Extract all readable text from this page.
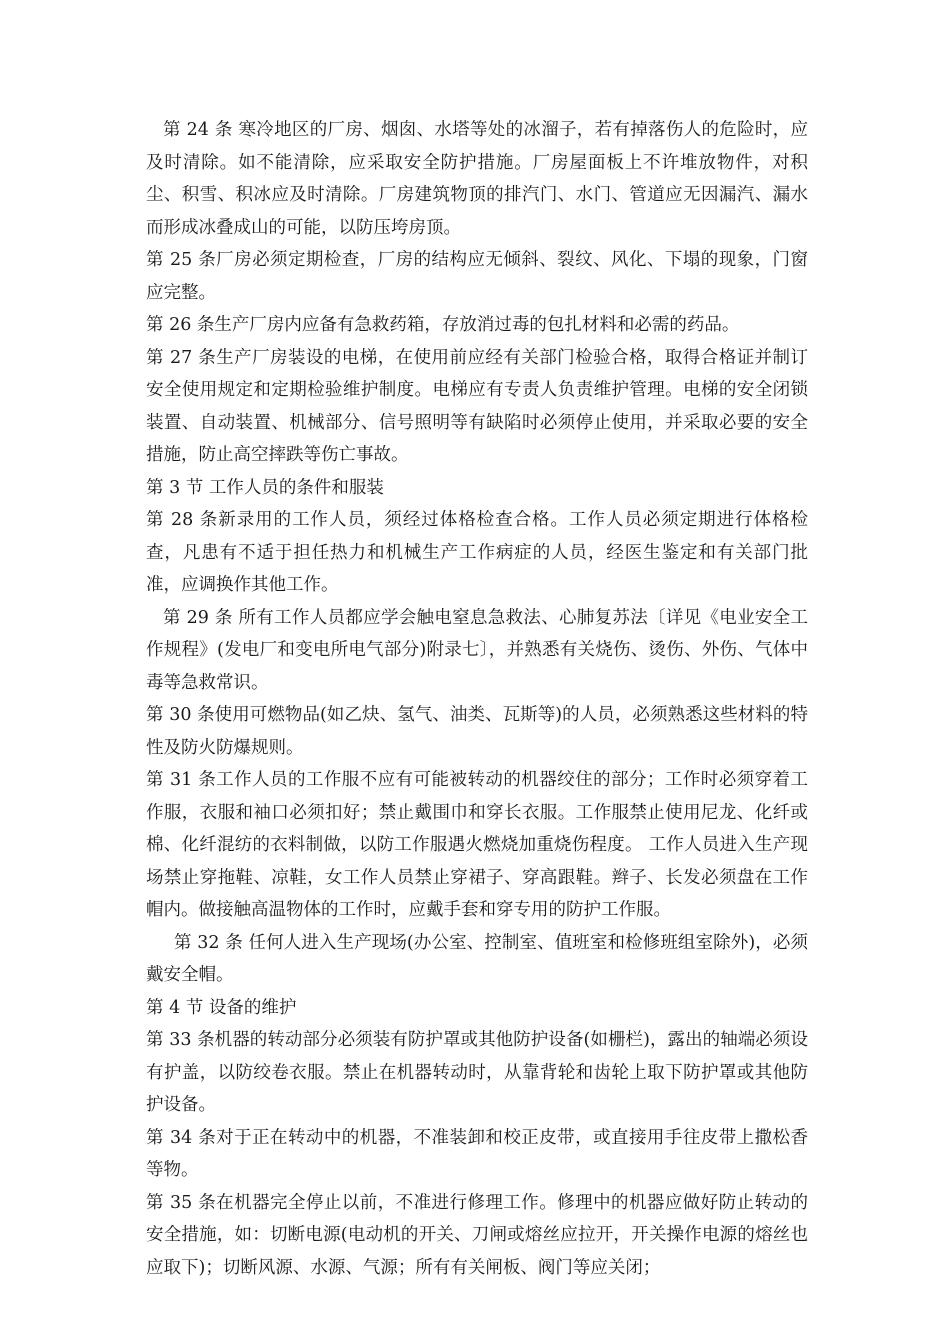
第 24 条 寒冷地区的厂房、烟囱、水塔等处的冰溜子，若有掉落伤人的危险时，应及时清除。如不能清除，应采取安全防护措施。厂房屋面板上不许堆放物件，对积尘、积雪、积冰应及时清除。厂房建筑物顶的排汽门、水门、管道应无因漏汽、漏水而形成冰叠成山的可能，以防压垮房顶。

第 25 条厂房必须定期检查，厂房的结构应无倾斜、裂纹、风化、下塌的现象，门窗应完整。

第 26 条生产厂房内应备有急救药箱，存放消过毒的包扎材料和必需的药品。

第 27 条生产厂房装设的电梯，在使用前应经有关部门检验合格，取得合格证并制订安全使用规定和定期检验维护制度。电梯应有专责人负责维护管理。电梯的安全闭锁装置、自动装置、机械部分、信号照明等有缺陷时必须停止使用，并采取必要的安全措施，防止高空摔跌等伤亡事故。

第 3 节 工作人员的条件和服装

第 28 条新录用的工作人员，须经过体格检查合格。工作人员必须定期进行体格检查，凡患有不适于担任热力和机械生产工作病症的人员，经医生鉴定和有关部门批准，应调换作其他工作。

第 29 条 所有工作人员都应学会触电窒息急救法、心肺复苏法〔详见《电业安全工作规程》(发电厂和变电所电气部分)附录七〕，并熟悉有关烧伤、烫伤、外伤、气体中毒等急救常识。

第 30 条使用可燃物品(如乙炔、氢气、油类、瓦斯等)的人员，必须熟悉这些材料的特性及防火防爆规则。

第 31 条工作人员的工作服不应有可能被转动的机器绞住的部分；工作时必须穿着工作服，衣服和袖口必须扣好；禁止戴围巾和穿长衣服。工作服禁止使用尼龙、化纤或棉、化纤混纺的衣料制做，以防工作服遇火燃烧加重烧伤程度。 工作人员进入生产现场禁止穿拖鞋、凉鞋，女工作人员禁止穿裙子、穿高跟鞋。辫子、长发必须盘在工作帽内。做接触高温物体的工作时，应戴手套和穿专用的防护工作服。

第 32 条 任何人进入生产现场(办公室、控制室、值班室和检修班组室除外)，必须戴安全帽。

第 4 节 设备的维护

第 33 条机器的转动部分必须装有防护罩或其他防护设备(如栅栏)，露出的轴端必须设有护盖，以防绞卷衣服。禁止在机器转动时，从靠背轮和齿轮上取下防护罩或其他防护设备。

第 34 条对于正在转动中的机器，不准装卸和校正皮带，或直接用手往皮带上撒松香等物。

第 35 条在机器完全停止以前，不准进行修理工作。修理中的机器应做好防止转动的安全措施，如：切断电源(电动机的开关、刀闸或熔丝应拉开，开关操作电源的熔丝也应取下)；切断风源、水源、气源；所有有关闸板、阀门等应关闭；
